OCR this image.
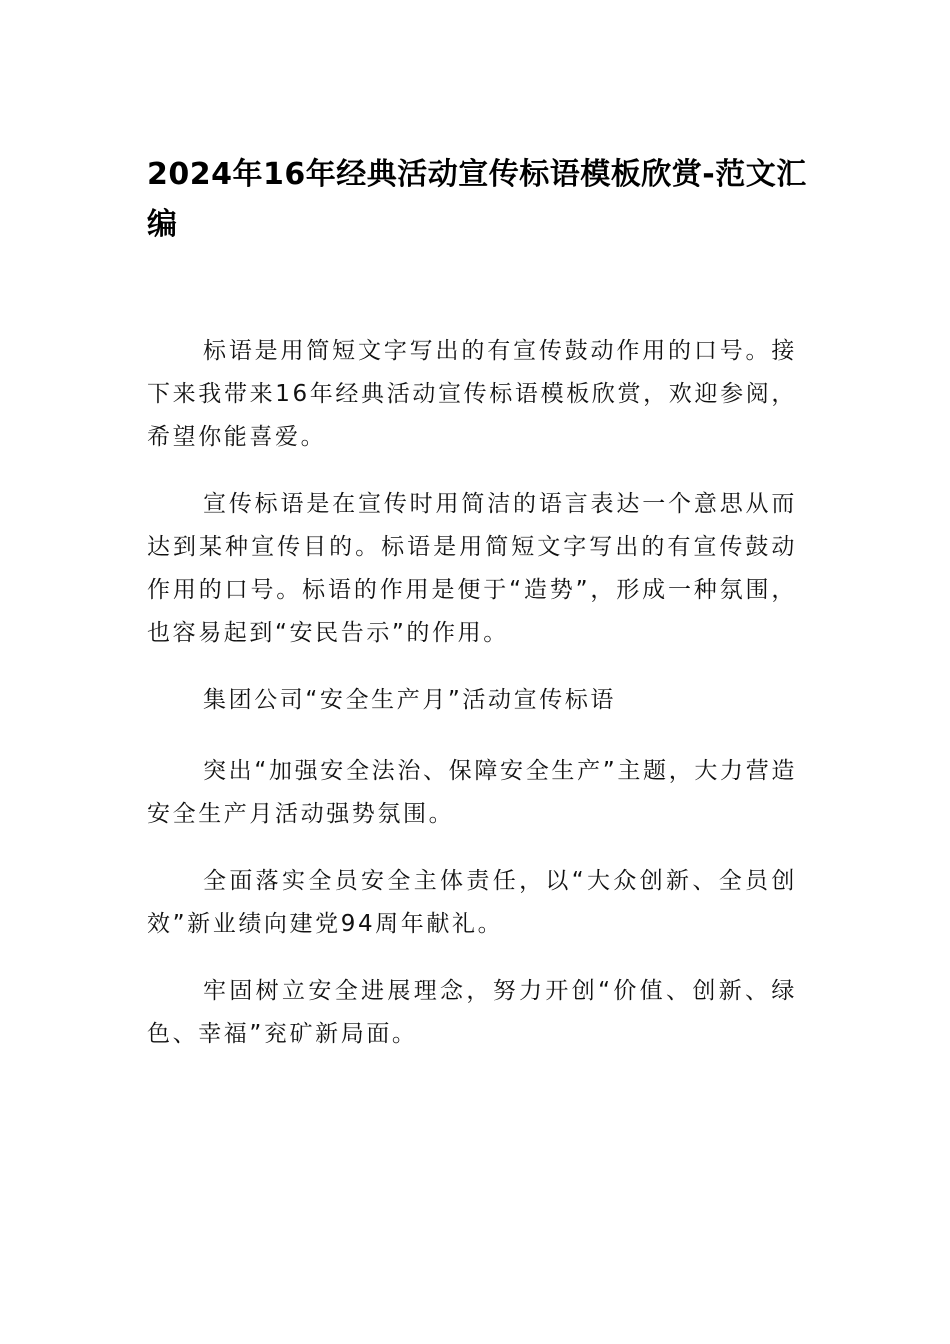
2024年16年经典活动宣传标语模板欣赏-范文汇编

标语是用简短文字写出的有宣传鼓动作用的口号。接下来我带来16年经典活动宣传标语模板欣赏，欢迎参阅，希望你能喜爱。

宣传标语是在宣传时用简洁的语言表达一个意思从而达到某种宣传目的。标语是用简短文字写出的有宣传鼓动作用的口号。标语的作用是便于“造势”，形成一种氛围，也容易起到“安民告示”的作用。

集团公司“安全生产月”活动宣传标语

突出“加强安全法治、保障安全生产”主题，大力营造安全生产月活动强势氛围。

全面落实全员安全主体责任，以“大众创新、全员创效”新业绩向建党94周年献礼。

牢固树立安全进展理念，努力开创“价值、创新、绿色、幸福”兖矿新局面。
